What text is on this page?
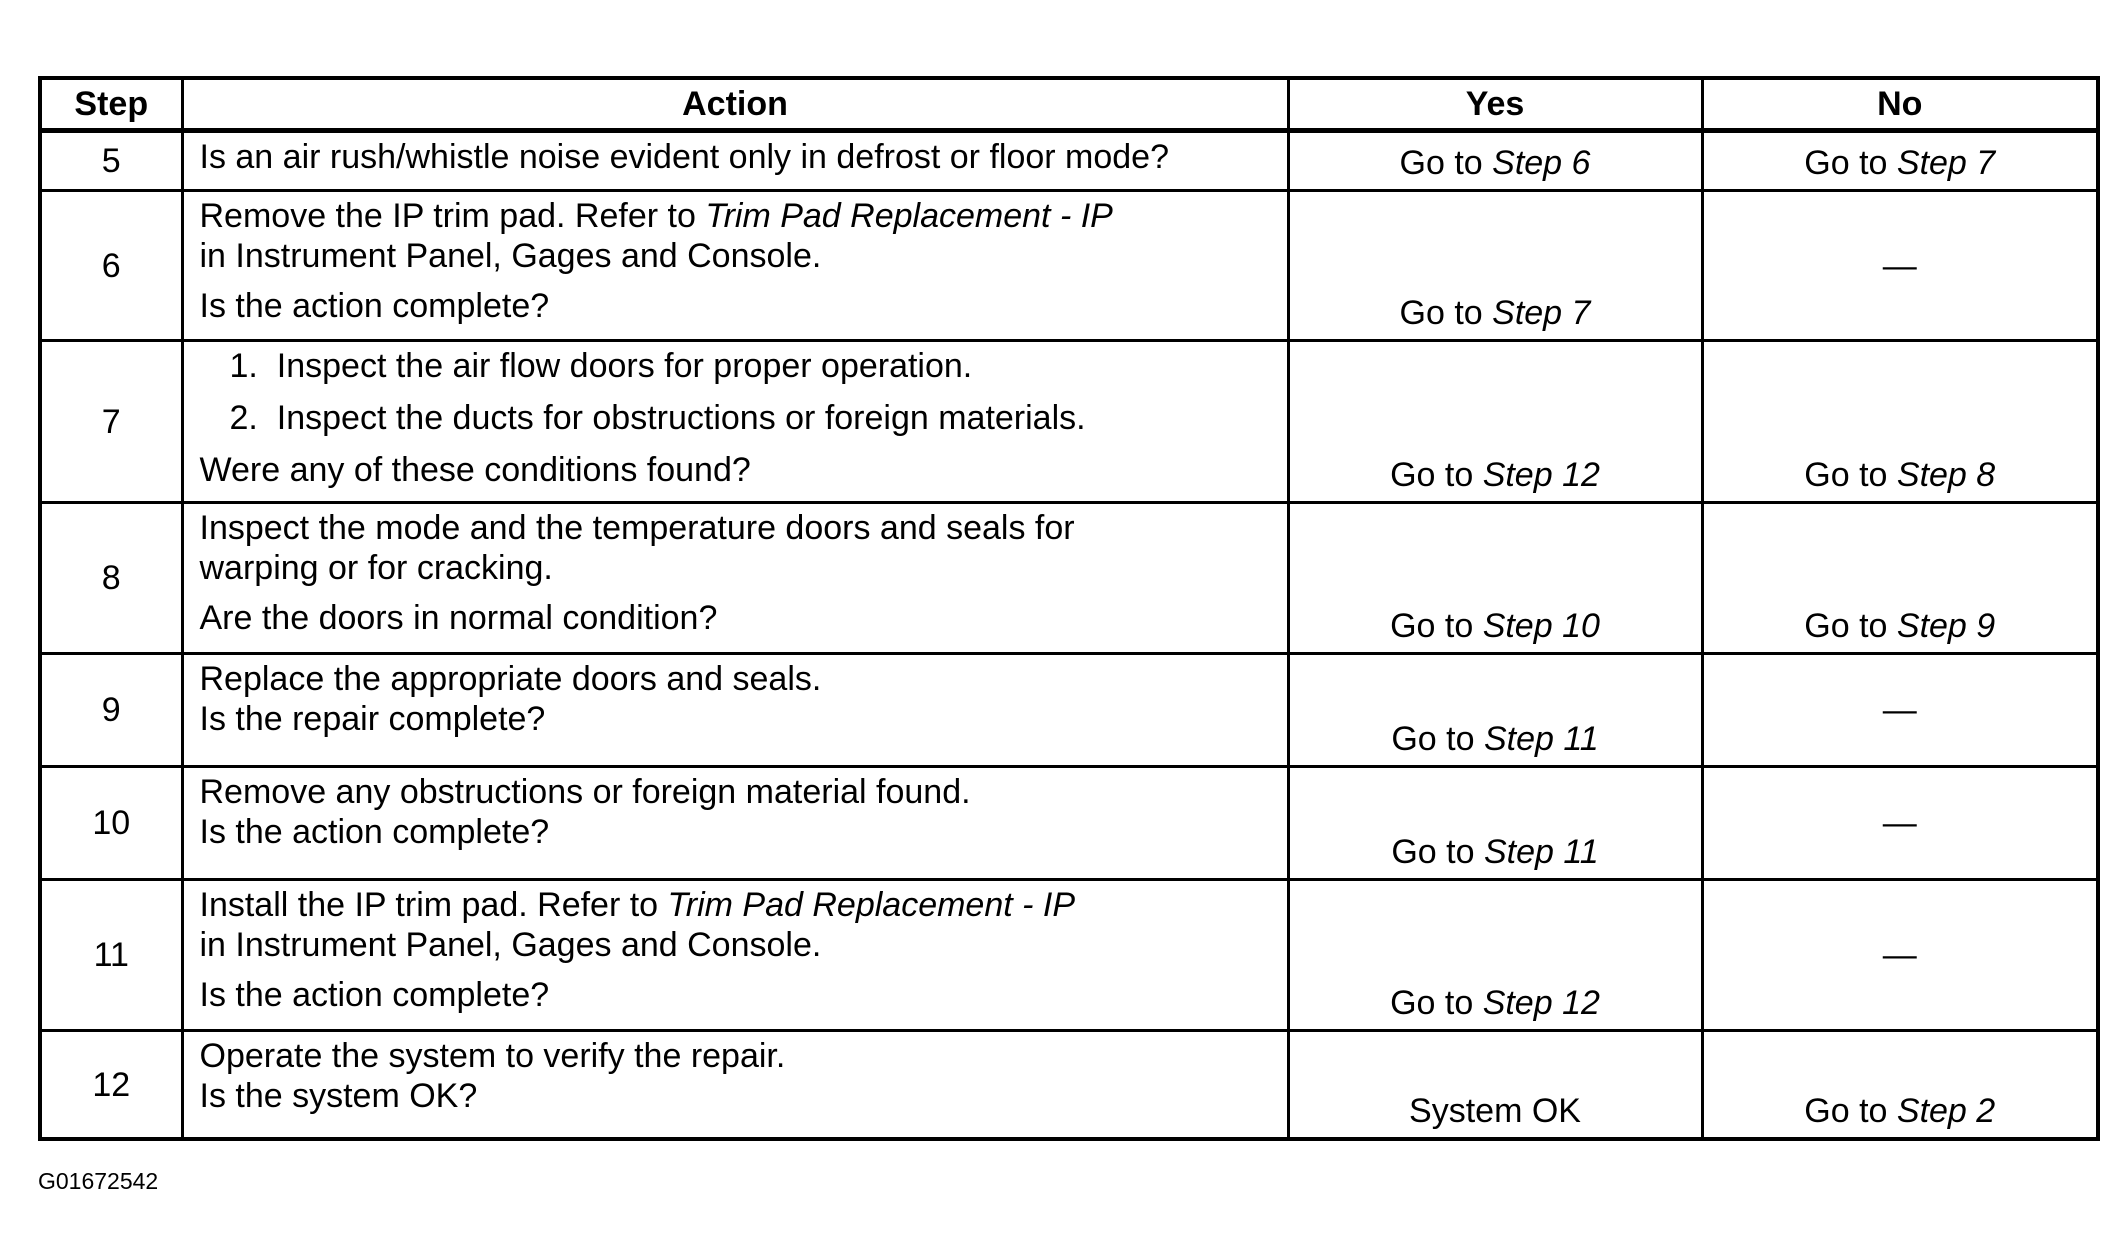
Step	Action	Yes	No
5	Is an air rush/whistle noise evident only in defrost or floor mode?	Go to Step 6	Go to Step 7
6	Remove the IP trim pad. Refer to Trim Pad Replacement - IP
in Instrument Panel, Gages and Console.
Is the action complete?	Go to Step 7	—
7	1. Inspect the air flow doors for proper operation.
2. Inspect the ducts for obstructions or foreign materials.
Were any of these conditions found?	Go to Step 12	Go to Step 8
8	Inspect the mode and the temperature doors and seals for
warping or for cracking.
Are the doors in normal condition?	Go to Step 10	Go to Step 9
9	Replace the appropriate doors and seals.
Is the repair complete?	Go to Step 11	—
10	Remove any obstructions or foreign material found.
Is the action complete?	Go to Step 11	—
11	Install the IP trim pad. Refer to Trim Pad Replacement - IP
in Instrument Panel, Gages and Console.
Is the action complete?	Go to Step 12	—
12	Operate the system to verify the repair.
Is the system OK?	System OK	Go to Step 2
G01672542
